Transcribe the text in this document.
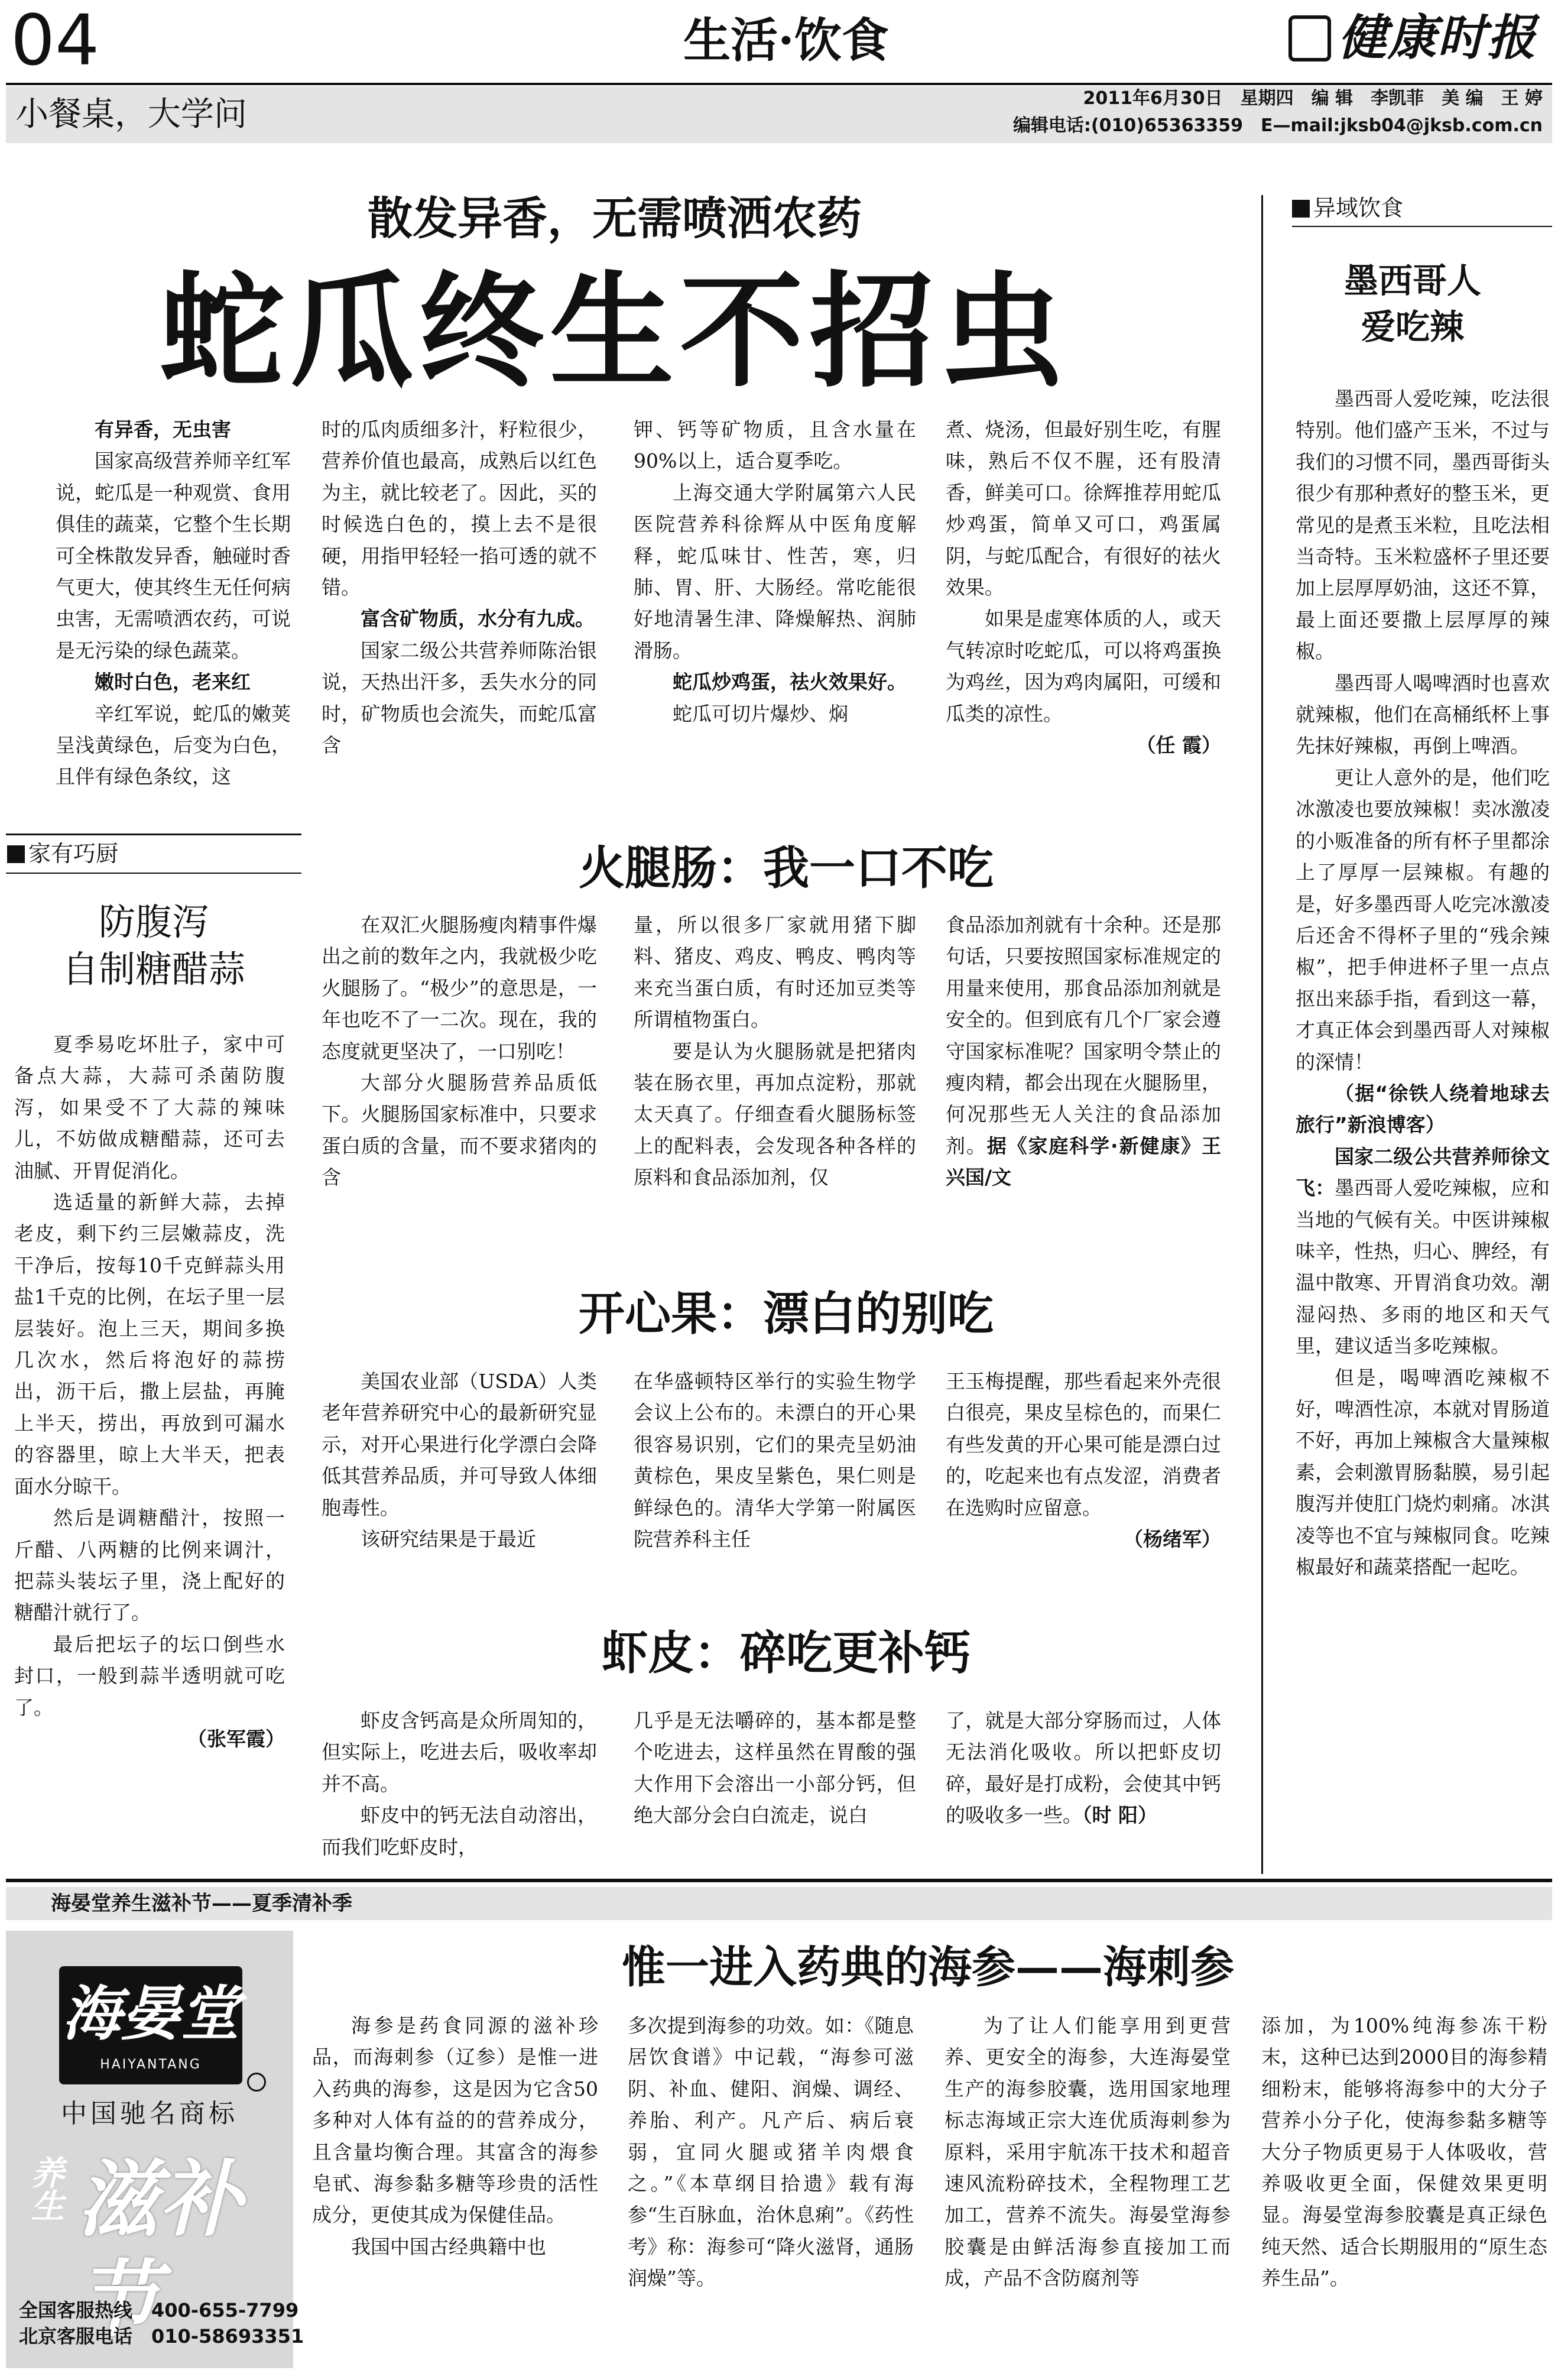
04	生活·饮食	健康时报
小餐桌，大学问	2011年6月30日　星期四　编 辑　李凯菲　美 编　王 婷
编辑电话:(010)65363359　E—mail:jksb04@jksb.com.cn
散发异香，无需喷洒农药
蛇瓜终生不招虫

有异香，无虫害

国家高级营养师辛红军说，蛇瓜是一种观赏、食用俱佳的蔬菜，它整个生长期可全株散发异香，触碰时香气更大，使其终生无任何病虫害，无需喷洒农药，可说是无污染的绿色蔬菜。

嫩时白色，老来红

辛红军说，蛇瓜的嫩荚呈浅黄绿色，后变为白色，且伴有绿色条纹，这

时的瓜肉质细多汁，籽粒很少，营养价值也最高，成熟后以红色为主，就比较老了。因此，买的时候选白色的，摸上去不是很硬，用指甲轻轻一掐可透的就不错。

富含矿物质，水分有九成。

国家二级公共营养师陈治银说，天热出汗多，丢失水分的同时，矿物质也会流失，而蛇瓜富含

钾、钙等矿物质，且含水量在90%以上，适合夏季吃。

上海交通大学附属第六人民医院营养科徐辉从中医角度解释，蛇瓜味甘、性苦，寒，归肺、胃、肝、大肠经。常吃能很好地清暑生津、降燥解热、润肺滑肠。

蛇瓜炒鸡蛋，祛火效果好。

蛇瓜可切片爆炒、焖

煮、烧汤，但最好别生吃，有腥味，熟后不仅不腥，还有股清香，鲜美可口。徐辉推荐用蛇瓜炒鸡蛋，简单又可口，鸡蛋属阴，与蛇瓜配合，有很好的祛火效果。

如果是虚寒体质的人，或天气转凉时吃蛇瓜，可以将鸡蛋换为鸡丝，因为鸡肉属阳，可缓和瓜类的凉性。

（任 霞）

家有巧厨
防腹泻
自制糖醋蒜

夏季易吃坏肚子，家中可备点大蒜，大蒜可杀菌防腹泻，如果受不了大蒜的辣味儿，不妨做成糖醋蒜，还可去油腻、开胃促消化。

选适量的新鲜大蒜，去掉老皮，剩下约三层嫩蒜皮，洗干净后，按每10千克鲜蒜头用盐1千克的比例，在坛子里一层层装好。泡上三天，期间多换几次水，然后将泡好的蒜捞出，沥干后，撒上层盐，再腌上半天，捞出，再放到可漏水的容器里，晾上大半天，把表面水分晾干。

然后是调糖醋汁，按照一斤醋、八两糖的比例来调汁，把蒜头装坛子里，浇上配好的糖醋汁就行了。

最后把坛子的坛口倒些水封口，一般到蒜半透明就可吃了。

（张军霞）

火腿肠：我一口不吃

在双汇火腿肠瘦肉精事件爆出之前的数年之内，我就极少吃火腿肠了。“极少”的意思是，一年也吃不了一二次。现在，我的态度就更坚决了，一口别吃！

大部分火腿肠营养品质低下。火腿肠国家标准中，只要求蛋白质的含量，而不要求猪肉的含

量，所以很多厂家就用猪下脚料、猪皮、鸡皮、鸭皮、鸭肉等来充当蛋白质，有时还加豆类等所谓植物蛋白。

要是认为火腿肠就是把猪肉装在肠衣里，再加点淀粉，那就太天真了。仔细查看火腿肠标签上的配料表，会发现各种各样的原料和食品添加剂，仅

食品添加剂就有十余种。还是那句话，只要按照国家标准规定的用量来使用，那食品添加剂就是安全的。但到底有几个厂家会遵守国家标准呢？国家明令禁止的瘦肉精，都会出现在火腿肠里，何况那些无人关注的食品添加剂。据《家庭科学·新健康》王兴国/文

开心果：漂白的别吃

美国农业部（USDA）人类老年营养研究中心的最新研究显示，对开心果进行化学漂白会降低其营养品质，并可导致人体细胞毒性。

该研究结果是于最近

在华盛顿特区举行的实验生物学会议上公布的。未漂白的开心果很容易识别，它们的果壳呈奶油黄棕色，果皮呈紫色，果仁则是鲜绿色的。清华大学第一附属医院营养科主任

王玉梅提醒，那些看起来外壳很白很亮，果皮呈棕色的，而果仁有些发黄的开心果可能是漂白过的，吃起来也有点发涩，消费者在选购时应留意。

（杨绪军）

虾皮：碎吃更补钙

虾皮含钙高是众所周知的，但实际上，吃进去后，吸收率却并不高。

虾皮中的钙无法自动溶出，而我们吃虾皮时，

几乎是无法嚼碎的，基本都是整个吃进去，这样虽然在胃酸的强大作用下会溶出一小部分钙，但绝大部分会白白流走，说白

了，就是大部分穿肠而过，人体无法消化吸收。所以把虾皮切碎，最好是打成粉，会使其中钙的吸收多一些。（时 阳）

异域饮食
墨西哥人
爱吃辣

墨西哥人爱吃辣，吃法很特别。他们盛产玉米，不过与我们的习惯不同，墨西哥街头很少有那种煮好的整玉米，更常见的是煮玉米粒，且吃法相当奇特。玉米粒盛杯子里还要加上层厚厚奶油，这还不算，最上面还要撒上层厚厚的辣椒。

墨西哥人喝啤酒时也喜欢就辣椒，他们在高桶纸杯上事先抹好辣椒，再倒上啤酒。

更让人意外的是，他们吃冰激凌也要放辣椒！卖冰激凌的小贩准备的所有杯子里都涂上了厚厚一层辣椒。有趣的是，好多墨西哥人吃完冰激凌后还舍不得杯子里的“残余辣椒”，把手伸进杯子里一点点抠出来舔手指，看到这一幕，才真正体会到墨西哥人对辣椒的深情！

（据“徐铁人绕着地球去旅行”新浪博客）

国家二级公共营养师徐文飞：墨西哥人爱吃辣椒，应和当地的气候有关。中医讲辣椒味辛，性热，归心、脾经，有温中散寒、开胃消食功效。潮湿闷热、多雨的地区和天气里，建议适当多吃辣椒。

但是，喝啤酒吃辣椒不好，啤酒性凉，本就对胃肠道不好，再加上辣椒含大量辣椒素，会刺激胃肠黏膜，易引起腹泻并使肛门烧灼刺痛。冰淇凌等也不宜与辣椒同食。吃辣椒最好和蔬菜搭配一起吃。

海晏堂养生滋补节——夏季清补季
海晏堂
HAIYANTANG
中国驰名商标
养生 滋补节
全国客服热线　400-655-7799
北京客服电话　010-58693351
惟一进入药典的海参——海刺参

海参是药食同源的滋补珍品，而海刺参（辽参）是惟一进入药典的海参，这是因为它含50多种对人体有益的的营养成分，且含量均衡合理。其富含的海参皂甙、海参黏多糖等珍贵的活性成分，更使其成为保健佳品。

我国中国古经典籍中也

多次提到海参的功效。如：《随息居饮食谱》中记载，“海参可滋阴、补血、健阳、润燥、调经、养胎、利产。凡产后、病后衰弱，宜同火腿或猪羊肉煨食之。”《本草纲目拾遗》载有海参“生百脉血，治休息痢”。《药性考》称：海参可“降火滋肾，通肠润燥”等。

为了让人们能享用到更营养、更安全的海参，大连海晏堂生产的海参胶囊，选用国家地理标志海域正宗大连优质海刺参为原料，采用宇航冻干技术和超音速风流粉碎技术，全程物理工艺加工，营养不流失。海晏堂海参胶囊是由鲜活海参直接加工而成，产品不含防腐剂等

添加，为100%纯海参冻干粉末，这种已达到2000目的海参精细粉末，能够将海参中的大分子营养小分子化，使海参黏多糖等大分子物质更易于人体吸收，营养吸收更全面，保健效果更明显。海晏堂海参胶囊是真正绿色纯天然、适合长期服用的“原生态养生品”。
